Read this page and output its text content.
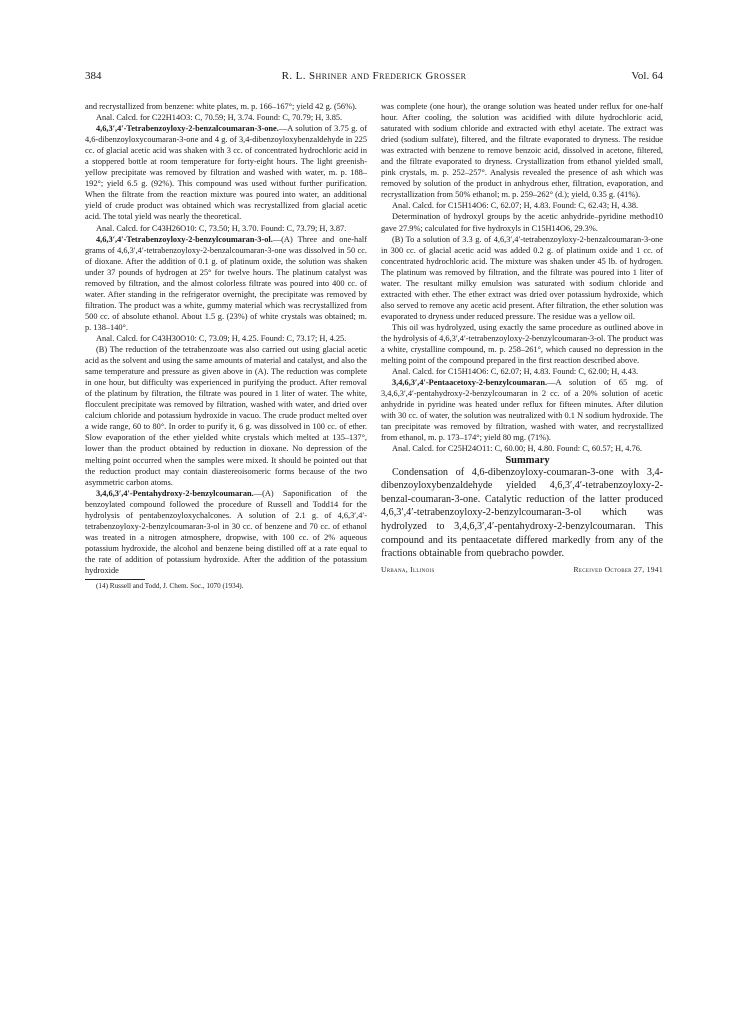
384	R. L. Shriner and Frederick Grosser	Vol. 64

and recrystallized from benzene: white plates, m. p. 166–167°; yield 42 g. (56%).

Anal. Calcd. for C22H14O3: C, 70.59; H, 3.74. Found: C, 70.79; H, 3.85.

4,6,3′,4′-Tetrabenzoyloxy-2-benzalcoumaran-3-one.—A solution of 3.75 g. of 4,6-dibenzoyloxycoumaran-3-one and 4 g. of 3,4-dibenzoyloxybenzaldehyde in 225 cc. of glacial acetic acid was shaken with 3 cc. of concentrated hydrochloric acid in a stoppered bottle at room temperature for forty-eight hours. The light greenish-yellow precipitate was removed by filtration and washed with water, m. p. 188–192°; yield 6.5 g. (92%). This compound was used without further purification. When the filtrate from the reaction mixture was poured into water, an additional yield of crude product was obtained which was recrystallized from glacial acetic acid. The total yield was nearly the theoretical.

Anal. Calcd. for C43H26O10: C, 73.50; H, 3.70. Found: C, 73.79; H, 3.87.

4,6,3′,4′-Tetrabenzoyloxy-2-benzylcoumaran-3-ol.—(A) Three and one-half grams of 4,6,3′,4′-tetrabenzoyloxy-2-benzalcoumaran-3-one was dissolved in 50 cc. of dioxane. After the addition of 0.1 g. of platinum oxide, the solution was shaken under 37 pounds of hydrogen at 25° for twelve hours. The platinum catalyst was removed by filtration, and the almost colorless filtrate was poured into 400 cc. of water. After standing in the refrigerator overnight, the precipitate was removed by filtration. The product was a white, gummy material which was recrystallized from 500 cc. of absolute ethanol. About 1.5 g. (23%) of white crystals was obtained; m. p. 138–140°.

Anal. Calcd. for C43H30O10: C, 73.09; H, 4.25. Found: C, 73.17; H, 4.25.

(B) The reduction of the tetrabenzoate was also carried out using glacial acetic acid as the solvent and using the same amounts of material and catalyst, and also the same temperature and pressure as given above in (A). The reduction was complete in one hour, but difficulty was experienced in purifying the product. After removal of the platinum by filtration, the filtrate was poured in 1 liter of water. The white, flocculent precipitate was removed by filtration, washed with water, and dried over calcium chloride and potassium hydroxide in vacuo. The crude product melted over a wide range, 60 to 80°. In order to purify it, 6 g. was dissolved in 100 cc. of ether. Slow evaporation of the ether yielded white crystals which melted at 135–137°, lower than the product obtained by reduction in dioxane. No depression of the melting point occurred when the samples were mixed. It should be pointed out that the reduction product may contain diastereoisomeric forms because of the two asymmetric carbon atoms.

3,4,6,3′,4′-Pentahydroxy-2-benzylcoumaran.—(A) Saponification of the benzoylated compound followed the procedure of Russell and Todd14 for the hydrolysis of pentabenzoyloxychalcones. A solution of 2.1 g. of 4,6,3′,4′-tetrabenzoyloxy-2-benzylcoumaran-3-ol in 30 cc. of benzene and 70 cc. of ethanol was treated in a nitrogen atmosphere, dropwise, with 100 cc. of 2% aqueous potassium hydroxide, the alcohol and benzene being distilled off at a rate equal to the rate of addition of potassium hydroxide. After the addition of the potassium hydroxide

(14) Russell and Todd, J. Chem. Soc., 1070 (1934).

was complete (one hour), the orange solution was heated under reflux for one-half hour. After cooling, the solution was acidified with dilute hydrochloric acid, saturated with sodium chloride and extracted with ethyl acetate. The extract was dried (sodium sulfate), filtered, and the filtrate evaporated to dryness. The residue was extracted with benzene to remove benzoic acid, dissolved in acetone, filtered, and the filtrate evaporated to dryness. Crystallization from ethanol yielded small, pink crystals, m. p. 252–257°. Analysis revealed the presence of ash which was removed by solution of the product in anhydrous ether, filtration, evaporation, and recrystallization from 50% ethanol; m. p. 259–262° (d.); yield, 0.35 g. (41%).

Anal. Calcd. for C15H14O6: C, 62.07; H, 4.83. Found: C, 62.43; H, 4.38.

Determination of hydroxyl groups by the acetic anhydride–pyridine method10 gave 27.9%; calculated for five hydroxyls in C15H14O6, 29.3%.

(B) To a solution of 3.3 g. of 4,6,3′,4′-tetrabenzoyloxy-2-benzalcoumaran-3-one in 300 cc. of glacial acetic acid was added 0.2 g. of platinum oxide and 1 cc. of concentrated hydrochloric acid. The mixture was shaken under 45 lb. of hydrogen. The platinum was removed by filtration, and the filtrate was poured into 1 liter of water. The resultant milky emulsion was saturated with sodium chloride and extracted with ether. The ether extract was dried over potassium hydroxide, which also served to remove any acetic acid present. After filtration, the ether solution was evaporated to dryness under reduced pressure. The residue was a yellow oil.

This oil was hydrolyzed, using exactly the same procedure as outlined above in the hydrolysis of 4,6,3′,4′-tetrabenzoyloxy-2-benzylcoumaran-3-ol. The product was a white, crystalline compound, m. p. 258–261°, which caused no depression in the melting point of the compound prepared in the first reaction described above.

Anal. Calcd. for C15H14O6: C, 62.07; H, 4.83. Found: C, 62.00; H, 4.43.

3,4,6,3′,4′-Pentaacetoxy-2-benzylcoumaran.—A solution of 65 mg. of 3,4,6,3′,4′-pentahydroxy-2-benzylcoumaran in 2 cc. of a 20% solution of acetic anhydride in pyridine was heated under reflux for fifteen minutes. After dilution with 30 cc. of water, the solution was neutralized with 0.1 N sodium hydroxide. The tan precipitate was removed by filtration, washed with water, and recrystallized from ethanol, m. p. 173–174°; yield 80 mg. (71%).

Anal. Calcd. for C25H24O11: C, 60.00; H, 4.80. Found: C, 60.57; H, 4.76.

Summary

Condensation of 4,6-dibenzoyloxy-coumaran-3-one with 3,4-dibenzoyloxybenzaldehyde yielded 4,6,3′,4′-tetrabenzoyloxy-2-benzal-coumaran-3-one. Catalytic reduction of the latter produced 4,6,3′,4′-tetrabenzoyloxy-2-benzylcoumaran-3-ol which was hydrolyzed to 3,4,6,3′,4′-pentahydroxy-2-benzylcoumaran. This compound and its pentaacetate differed markedly from any of the fractions obtainable from quebracho powder.

Urbana, Illinois	Received October 27, 1941
